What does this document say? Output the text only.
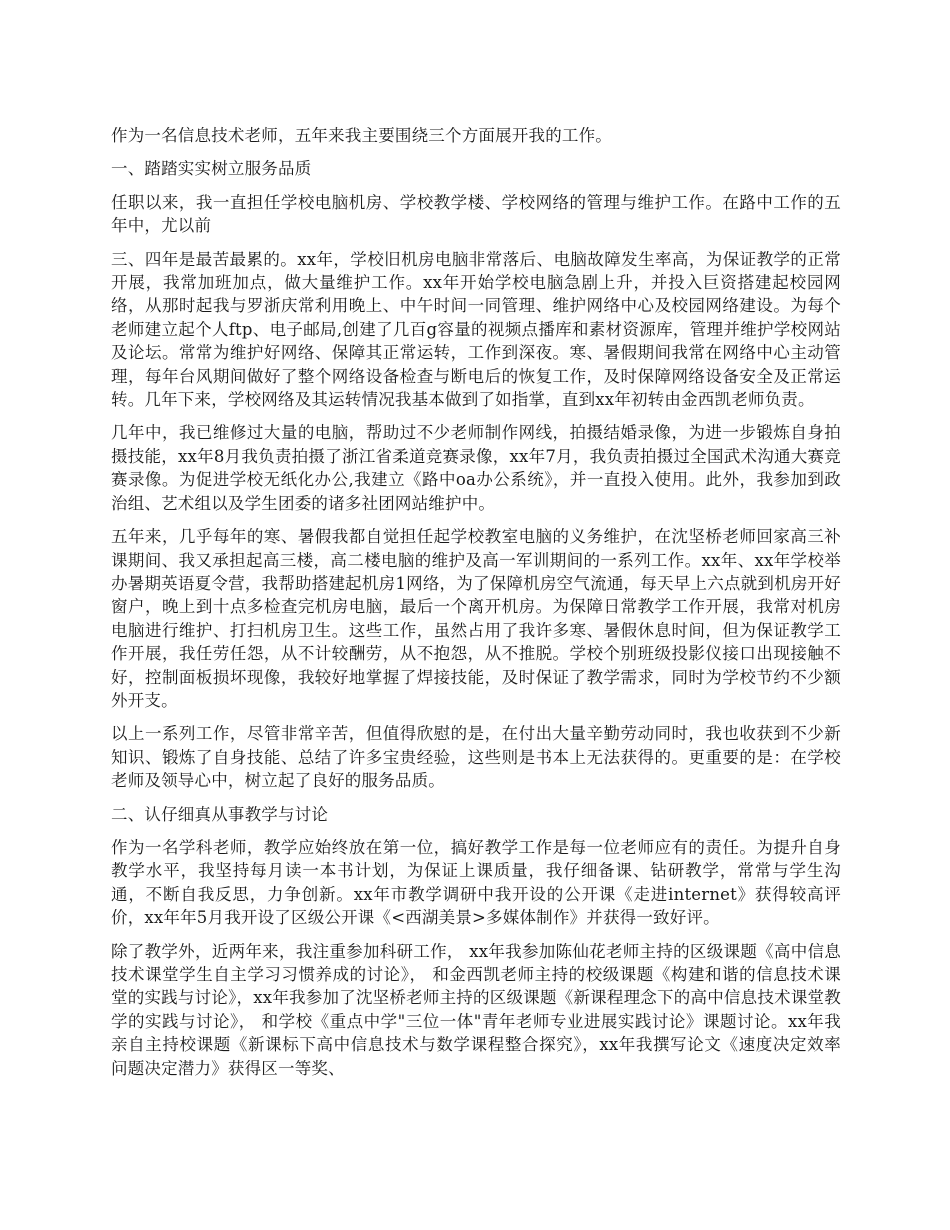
作为一名信息技术老师，五年来我主要围绕三个方面展开我的工作。

一、踏踏实实树立服务品质

任职以来，我一直担任学校电脑机房、学校教学楼、学校网络的管理与维护工作。在路中工作的五年中，尤以前

三、四年是最苦最累的。xx年，学校旧机房电脑非常落后、电脑故障发生率高，为保证教学的正常开展，我常加班加点，做大量维护工作。xx年开始学校电脑急剧上升，并投入巨资搭建起校园网络，从那时起我与罗浙庆常利用晚上、中午时间一同管理、维护网络中心及校园网络建设。为每个老师建立起个人ftp、电子邮局,创建了几百g容量的视频点播库和素材资源库，管理并维护学校网站及论坛。常常为维护好网络、保障其正常运转，工作到深夜。寒、暑假期间我常在网络中心主动管理，每年台风期间做好了整个网络设备检查与断电后的恢复工作，及时保障网络设备安全及正常运转。几年下来，学校网络及其运转情况我基本做到了如指掌，直到xx年初转由金西凯老师负责。

几年中，我已维修过大量的电脑，帮助过不少老师制作网线，拍摄结婚录像，为进一步锻炼自身拍摄技能，xx年8月我负责拍摄了浙江省柔道竞赛录像，xx年7月，我负责拍摄过全国武术沟通大赛竞赛录像。为促进学校无纸化办公,我建立《路中oa办公系统》，并一直投入使用。此外，我参加到政治组、艺术组以及学生团委的诸多社团网站维护中。

五年来，几乎每年的寒、暑假我都自觉担任起学校教室电脑的义务维护，在沈坚桥老师回家高三补课期间、我又承担起高三楼，高二楼电脑的维护及高一军训期间的一系列工作。xx年、xx年学校举办暑期英语夏令营，我帮助搭建起机房1网络，为了保障机房空气流通，每天早上六点就到机房开好窗户，晚上到十点多检查完机房电脑，最后一个离开机房。为保障日常教学工作开展，我常对机房电脑进行维护、打扫机房卫生。这些工作，虽然占用了我许多寒、暑假休息时间，但为保证教学工作开展，我任劳任怨，从不计较酬劳，从不抱怨，从不推脱。学校个别班级投影仪接口出现接触不好，控制面板损坏现像，我较好地掌握了焊接技能，及时保证了教学需求，同时为学校节约不少额外开支。

以上一系列工作，尽管非常辛苦，但值得欣慰的是，在付出大量辛勤劳动同时，我也收获到不少新知识、锻炼了自身技能、总结了许多宝贵经验，这些则是书本上无法获得的。更重要的是：在学校老师及领导心中，树立起了良好的服务品质。

二、认仔细真从事教学与讨论

作为一名学科老师，教学应始终放在第一位，搞好教学工作是每一位老师应有的责任。为提升自身教学水平，我坚持每月读一本书计划，为保证上课质量，我仔细备课、钻研教学，常常与学生沟通，不断自我反思，力争创新。xx年市教学调研中我开设的公开课《走进internet》获得较高评价，xx年年5月我开设了区级公开课《<西湖美景>多媒体制作》并获得一致好评。

除了教学外，近两年来，我注重参加科研工作， xx年我参加陈仙花老师主持的区级课题《高中信息技术课堂学生自主学习习惯养成的讨论》， 和金西凯老师主持的校级课题《构建和谐的信息技术课堂的实践与讨论》，xx年我参加了沈坚桥老师主持的区级课题《新课程理念下的高中信息技术课堂教学的实践与讨论》， 和学校《重点中学"三位一体"青年老师专业进展实践讨论》课题讨论。xx年我亲自主持校课题《新课标下高中信息技术与数学课程整合探究》，xx年我撰写论文《速度决定效率 问题决定潜力》获得区一等奖、
